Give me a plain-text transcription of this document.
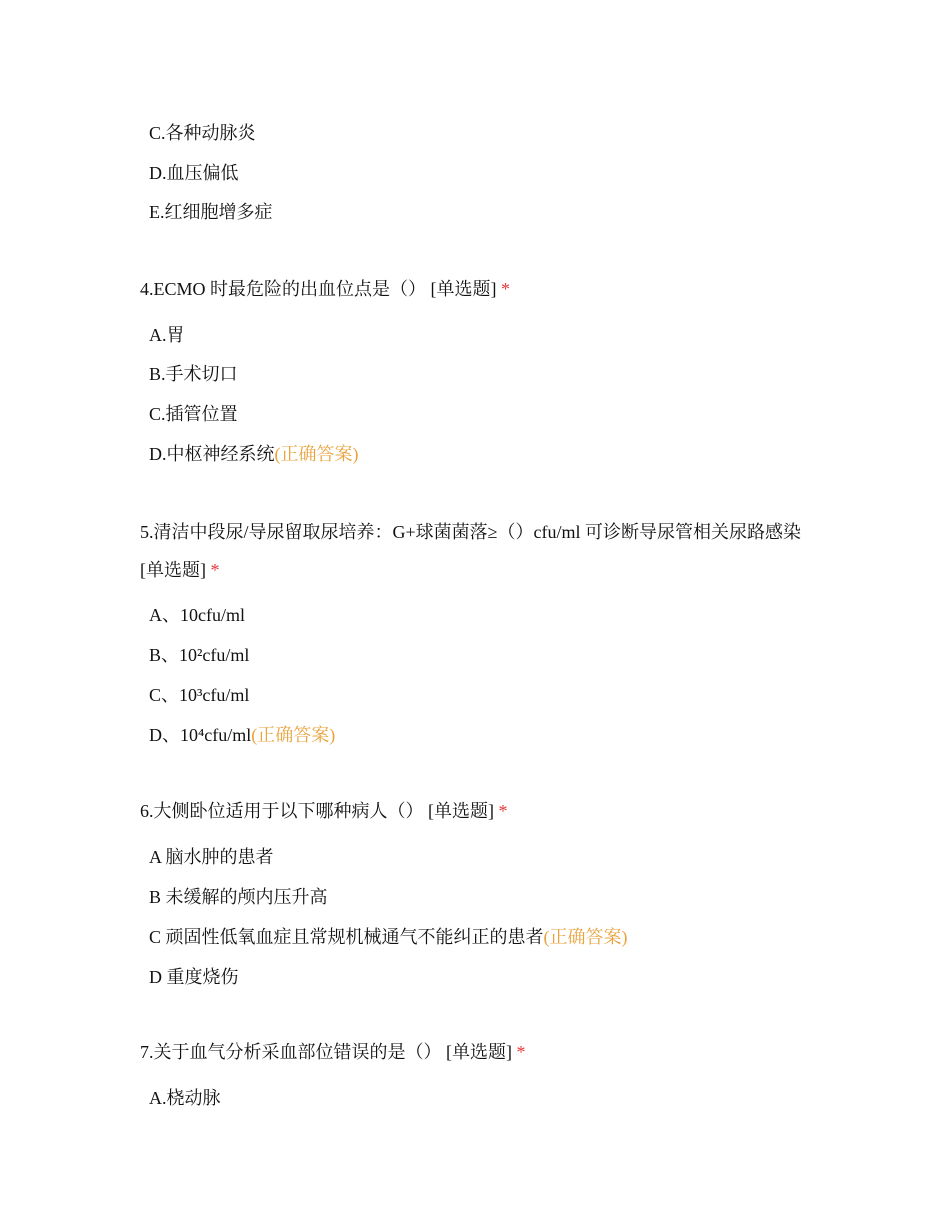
C.各种动脉炎
D.血压偏低
E.红细胞增多症
4.ECMO 时最危险的出血位点是（） [单选题] *
A.胃
B.手术切口
C.插管位置
D.中枢神经系统(正确答案)
5.清洁中段尿/导尿留取尿培养：G+球菌菌落≥（）cfu/ml 可诊断导尿管相关尿路感染 [单选题] *
A、10cfu/ml
B、10²cfu/ml
C、10³cfu/ml
D、10⁴cfu/ml(正确答案)
6.大侧卧位适用于以下哪种病人（） [单选题] *
A 脑水肿的患者
B 未缓解的颅内压升高
C 顽固性低氧血症且常规机械通气不能纠正的患者(正确答案)
D 重度烧伤
7.关于血气分析采血部位错误的是（） [单选题] *
A.桡动脉
